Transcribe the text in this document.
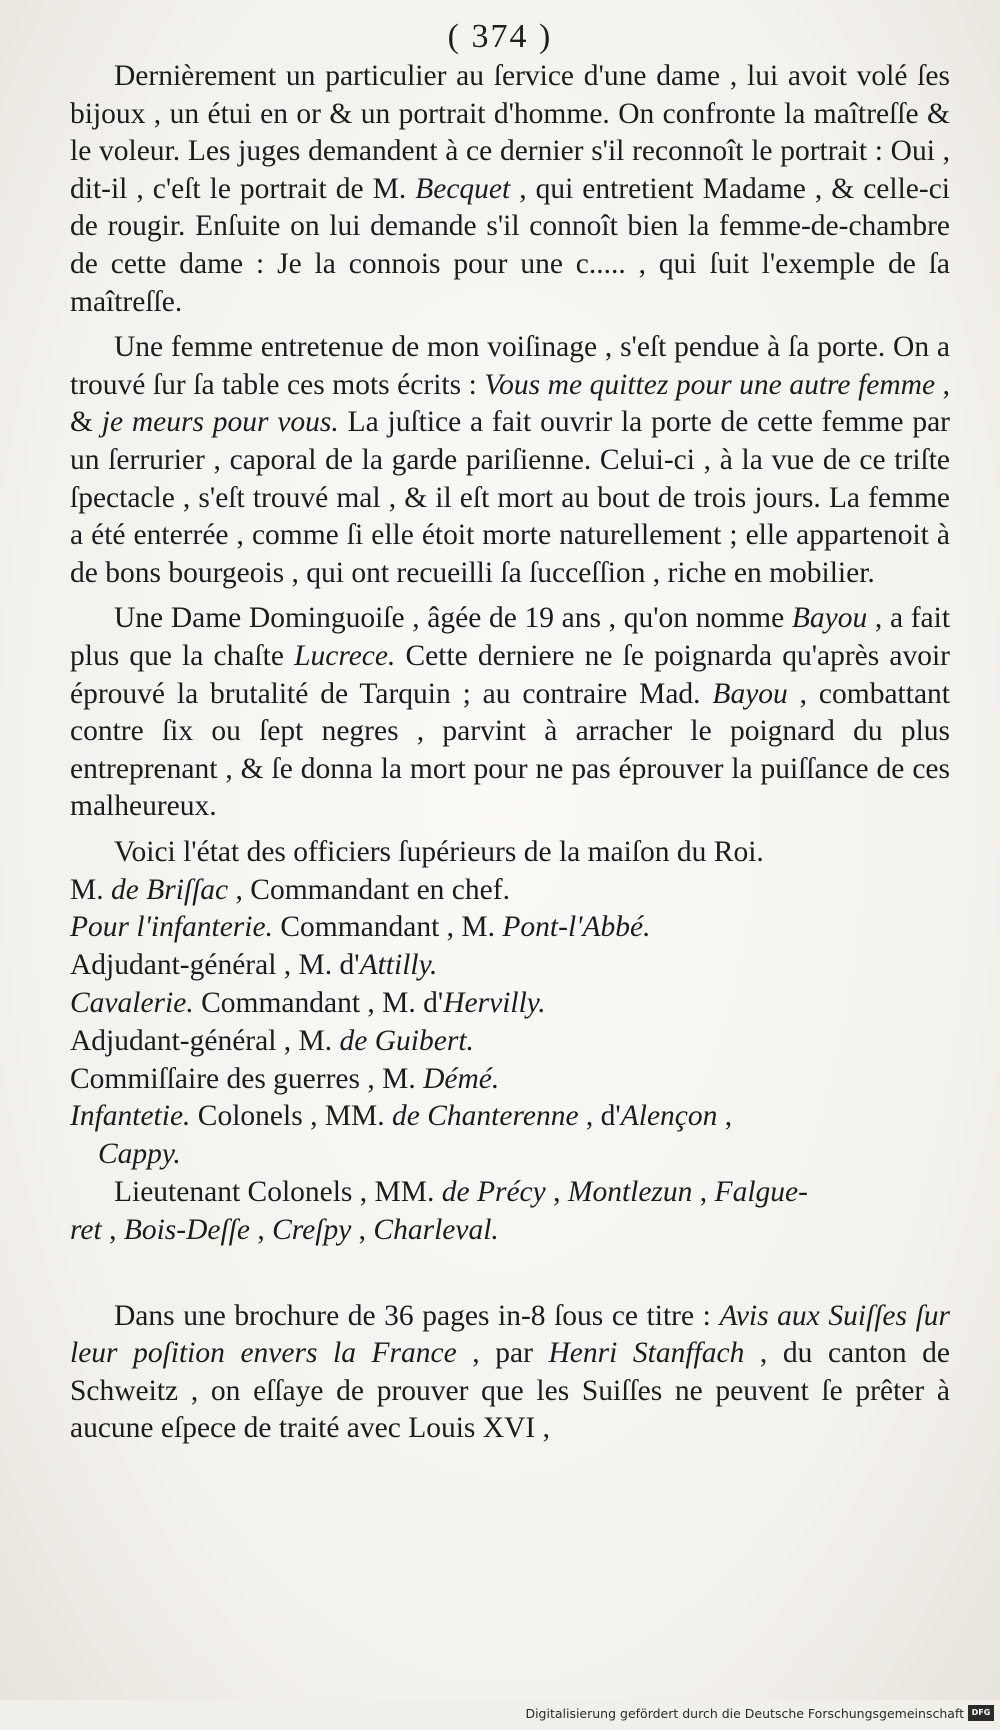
( 374 )

Dernièrement un particulier au ſervice d'une dame , lui avoit volé ſes bijoux , un étui en or & un portrait d'homme. On confronte la maîtreſſe & le voleur. Les juges demandent à ce dernier s'il reconnoît le portrait : Oui , dit-il , c'eſt le portrait de M. Becquet , qui entretient Madame , & celle-ci de rougir. Enſuite on lui demande s'il connoît bien la femme-de-chambre de cette dame : Je la connois pour une c..... , qui ſuit l'exemple de ſa maîtreſſe.

Une femme entretenue de mon voiſinage , s'eſt pendue à ſa porte. On a trouvé ſur ſa table ces mots écrits : Vous me quittez pour une autre femme , & je meurs pour vous. La juſtice a fait ouvrir la porte de cette femme par un ſerrurier , caporal de la garde pariſienne. Celui-ci , à la vue de ce triſte ſpectacle , s'eſt trouvé mal , & il eſt mort au bout de trois jours. La femme a été enterrée , comme ſi elle étoit morte naturellement ; elle appartenoit à de bons bourgeois , qui ont recueilli ſa ſucceſſion , riche en mobilier.

Une Dame Dominguoiſe , âgée de 19 ans , qu'on nomme Bayou , a fait plus que la chaſte Lucrece. Cette derniere ne ſe poignarda qu'après avoir éprouvé la brutalité de Tarquin ; au contraire Mad. Bayou , combattant contre ſix ou ſept negres , parvint à arracher le poignard du plus entreprenant , & ſe donna la mort pour ne pas éprouver la puiſſance de ces malheureux.

Voici l'état des officiers ſupérieurs de la maiſon du Roi.
M. de Briſſac , Commandant en chef.
Pour l'infanterie. Commandant , M. Pont-l'Abbé.
Adjudant-général , M. d'Attilly.
Cavalerie. Commandant , M. d'Hervilly.
Adjudant-général , M. de Guibert.
Commiſſaire des guerres , M. Démé.
Infantetie. Colonels , MM. de Chanterenne , d'Alençon ,
Cappy.
Lieutenant Colonels , MM. de Précy , Montlezun , Falgue-
ret , Bois-Deſſe , Creſpy , Charleval.

Dans une brochure de 36 pages in-8 ſous ce titre : Avis aux Suiſſes ſur leur poſition envers la France , par Henri Stanffach , du canton de Schweitz , on eſſaye de prouver que les Suiſſes ne peuvent ſe prêter à aucune eſpece de traité avec Louis XVI ,

Digitalisierung gefördert durch die Deutsche Forschungsgemeinschaft DFG
